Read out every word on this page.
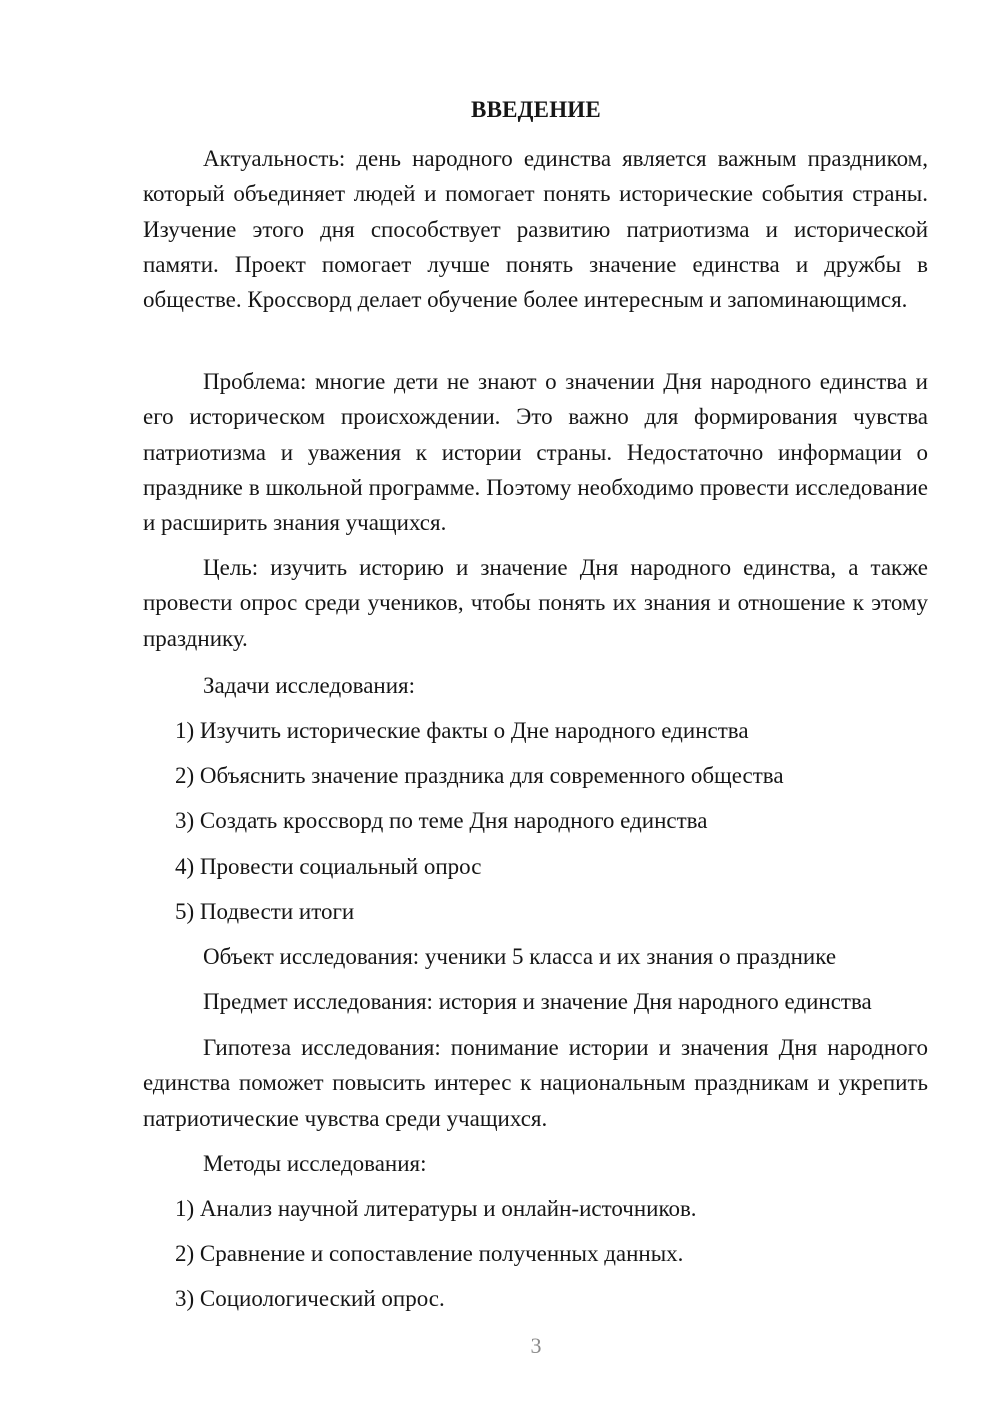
ВВЕДЕНИЕ

Актуальность: день народного единства является важным праздником, который объединяет людей и помогает понять исторические события страны. Изучение этого дня способствует развитию патриотизма и исторической памяти. Проект помогает лучше понять значение единства и дружбы в обществе. Кроссворд делает обучение более интересным и запоминающимся.

Проблема: многие дети не знают о значении Дня народного единства и его историческом происхождении. Это важно для формирования чувства патриотизма и уважения к истории страны. Недостаточно информации о празднике в школьной программе. Поэтому необходимо провести исследование и расширить знания учащихся.

Цель: изучить историю и значение Дня народного единства, а также провести опрос среди учеников, чтобы понять их знания и отношение к этому празднику.

Задачи исследования:
1) Изучить исторические факты о Дне народного единства
2) Объяснить значение праздника для современного общества
3) Создать кроссворд по теме Дня народного единства
4) Провести социальный опрос
5) Подвести итоги
Объект исследования: ученики 5 класса и их знания о празднике
Предмет исследования: история и значение Дня народного единства

Гипотеза исследования: понимание истории и значения Дня народного единства поможет повысить интерес к национальным праздникам и укрепить патриотические чувства среди учащихся.

Методы исследования:
1) Анализ научной литературы и онлайн-источников.
2) Сравнение и сопоставление полученных данных.
3) Социологический опрос.
3
